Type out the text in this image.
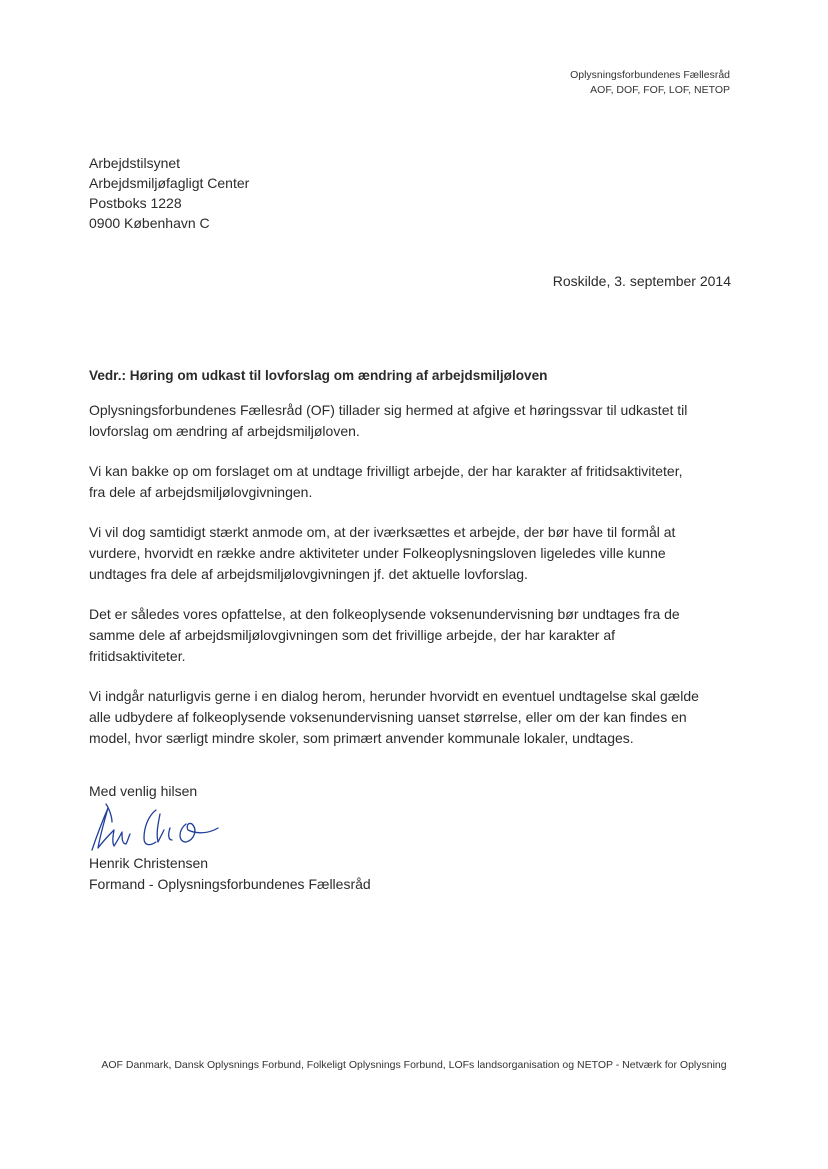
Oplysningsforbundenes Fællesråd
AOF, DOF, FOF, LOF, NETOP
Arbejdstilsynet
Arbejdsmiljøfagligt Center
Postboks 1228
0900 København C
Roskilde, 3. september 2014
Vedr.: Høring om udkast til lovforslag om ændring af arbejdsmiljøloven

Oplysningsforbundenes Fællesråd (OF) tillader sig hermed at afgive et høringssvar til udkastet til
lovforslag om ændring af arbejdsmiljøloven.

Vi kan bakke op om forslaget om at undtage frivilligt arbejde, der har karakter af fritidsaktiviteter,
fra dele af arbejdsmiljølovgivningen.

Vi vil dog samtidigt stærkt anmode om, at der iværksættes et arbejde, der bør have til formål at
vurdere, hvorvidt en række andre aktiviteter under Folkeoplysningsloven ligeledes ville kunne
undtages fra dele af arbejdsmiljølovgivningen jf. det aktuelle lovforslag.

Det er således vores opfattelse, at den folkeoplysende voksenundervisning bør undtages fra de
samme dele af arbejdsmiljølovgivningen som det frivillige arbejde, der har karakter af
fritidsaktiviteter.

Vi indgår naturligvis gerne i en dialog herom, herunder hvorvidt en eventuel undtagelse skal gælde
alle udbydere af folkeoplysende voksenundervisning uanset størrelse, eller om der kan findes en
model, hvor særligt mindre skoler, som primært anvender kommunale lokaler, undtages.

Med venlig hilsen
Henrik Christensen
Formand - Oplysningsforbundenes Fællesråd
AOF Danmark, Dansk Oplysnings Forbund, Folkeligt Oplysnings Forbund, LOFs landsorganisation og NETOP - Netværk for Oplysning
